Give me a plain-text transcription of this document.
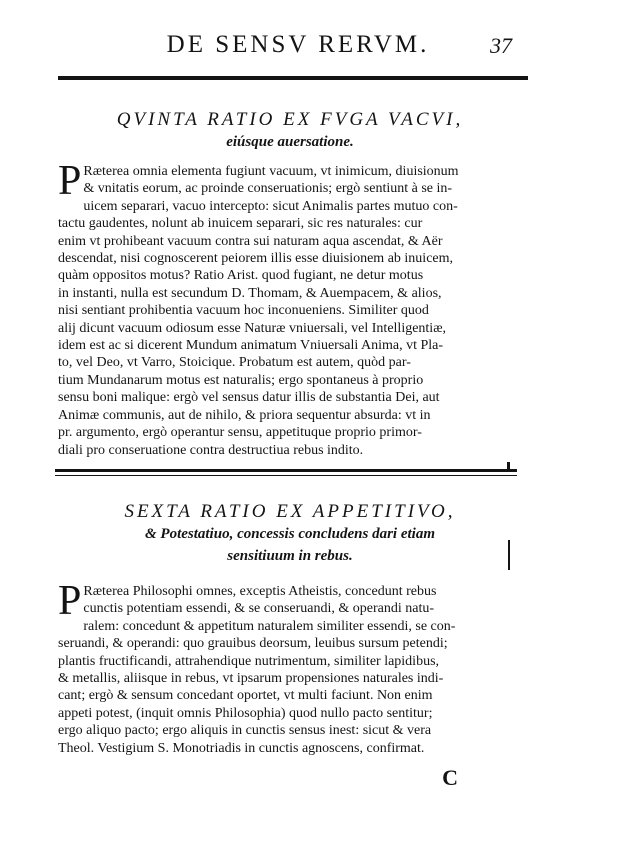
DE SENSV RERVM.	37
QVINTA RATIO EX FVGA VACVI,
eiúsque auersatione.
P Ræterea omnia elementa fugiunt vacuum, vt inimicum, diuisionum
& vnitatis eorum, ac proinde conseruationis; ergò sentiunt à se in-
uicem separari, vacuo intercepto: sicut Animalis partes mutuo con-
tactu gaudentes, nolunt ab inuicem separari, sic res naturales: cur
enim vt prohibeant vacuum contra sui naturam aqua ascendat, & Aër
descendat, nisi cognoscerent peiorem illis esse diuisionem ab inuicem,
quàm oppositos motus? Ratio Arist. quod fugiant, ne detur motus
in instanti, nulla est secundum D. Thomam, & Auempacem, & alios,
nisi sentiant prohibentia vacuum hoc inconueniens. Similiter quod
alij dicunt vacuum odiosum esse Naturæ vniuersali, vel Intelligentiæ,
idem est ac si dicerent Mundum animatum Vniuersali Anima, vt Pla-
to, vel Deo, vt Varro, Stoicique. Probatum est autem, quòd par-
tium Mundanarum motus est naturalis; ergo spontaneus à proprio
sensu boni malique: ergò vel sensus datur illis de substantia Dei, aut
Animæ communis, aut de nihilo, & priora sequentur absurda: vt in
pr. argumento, ergò operantur sensu, appetituque proprio primor-
diali pro conseruatione contra destructiua rebus indito.
SEXTA RATIO EX APPETITIVO,
& Potestatiuo, concessis concludens dari etiam
sensitiuum in rebus.
P Ræterea Philosophi omnes, exceptis Atheistis, concedunt rebus
cunctis potentiam essendi, & se conseruandi, & operandi natu-
ralem: concedunt & appetitum naturalem similiter essendi, se con-
seruandi, & operandi: quo grauibus deorsum, leuibus sursum petendi;
plantis fructificandi, attrahendique nutrimentum, similiter lapidibus,
& metallis, aliisque in rebus, vt ipsarum propensiones naturales indi-
cant; ergò & sensum concedant oportet, vt multi faciunt. Non enim
appeti potest, (inquit omnis Philosophia) quod nullo pacto sentitur;
ergo aliquo pacto; ergo aliquis in cunctis sensus inest: sicut & vera
Theol. Vestigium S. Monotriadis in cunctis agnoscens, confirmat.
C
